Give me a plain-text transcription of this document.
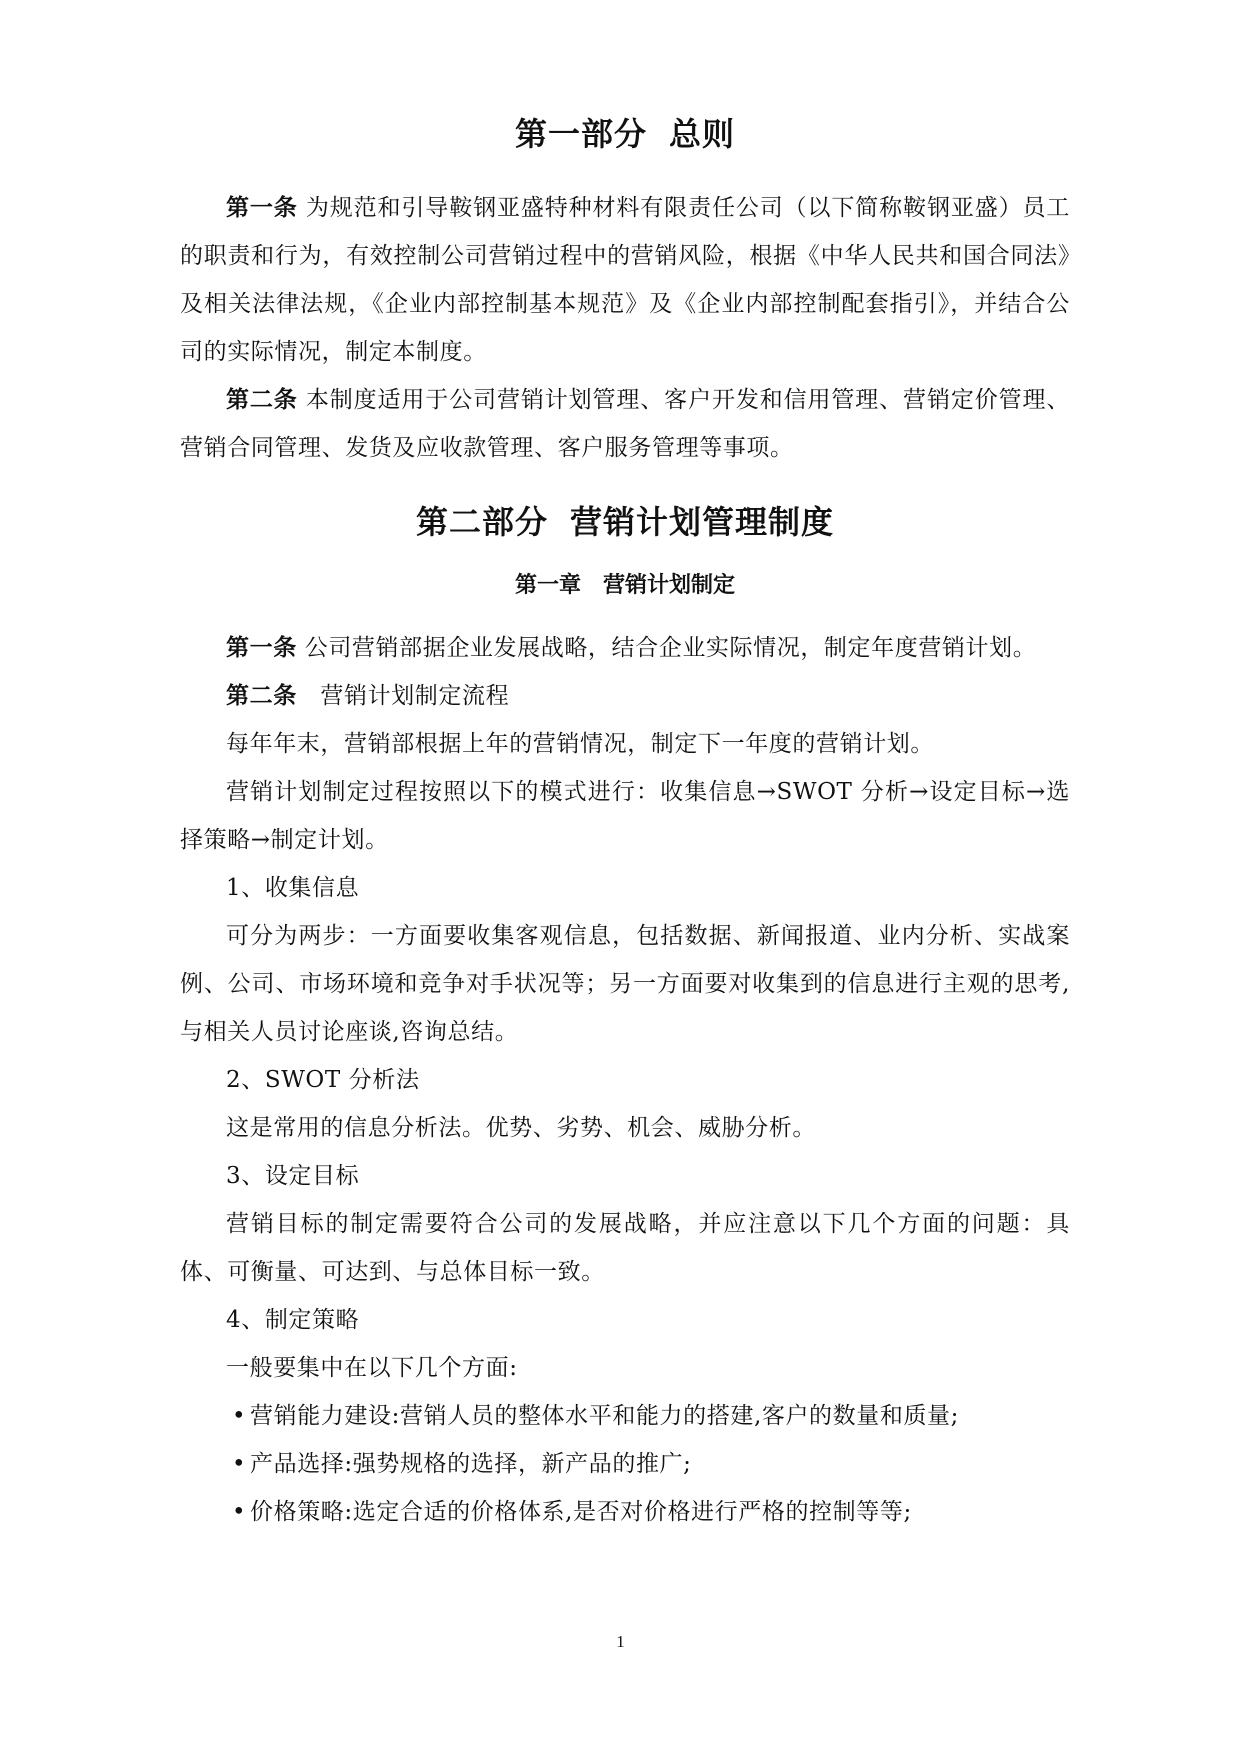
第一部分 总则

第一条 为规范和引导鞍钢亚盛特种材料有限责任公司（以下简称鞍钢亚盛）员工的职责和行为，有效控制公司营销过程中的营销风险，根据《中华人民共和国合同法》及相关法律法规，《企业内部控制基本规范》及《企业内部控制配套指引》，并结合公司的实际情况，制定本制度。

第二条 本制度适用于公司营销计划管理、客户开发和信用管理、营销定价管理、营销合同管理、发货及应收款管理、客户服务管理等事项。

第二部分 营销计划管理制度
第一章　营销计划制定

第一条 公司营销部据企业发展战略，结合企业实际情况，制定年度营销计划。

第二条　营销计划制定流程

每年年末，营销部根据上年的营销情况，制定下一年度的营销计划。

营销计划制定过程按照以下的模式进行：收集信息→SWOT 分析→设定目标→选择策略→制定计划。

1、收集信息

可分为两步：一方面要收集客观信息，包括数据、新闻报道、业内分析、实战案例、公司、市场环境和竞争对手状况等；另一方面要对收集到的信息进行主观的思考,与相关人员讨论座谈,咨询总结。

2、SWOT 分析法

这是常用的信息分析法。优势、劣势、机会、威胁分析。

3、设定目标

营销目标的制定需要符合公司的发展战略，并应注意以下几个方面的问题：具体、可衡量、可达到、与总体目标一致。

4、制定策略

一般要集中在以下几个方面:

• 营销能力建设:营销人员的整体水平和能力的搭建,客户的数量和质量;

• 产品选择:强势规格的选择，新产品的推广;

• 价格策略:选定合适的价格体系,是否对价格进行严格的控制等等;

1
